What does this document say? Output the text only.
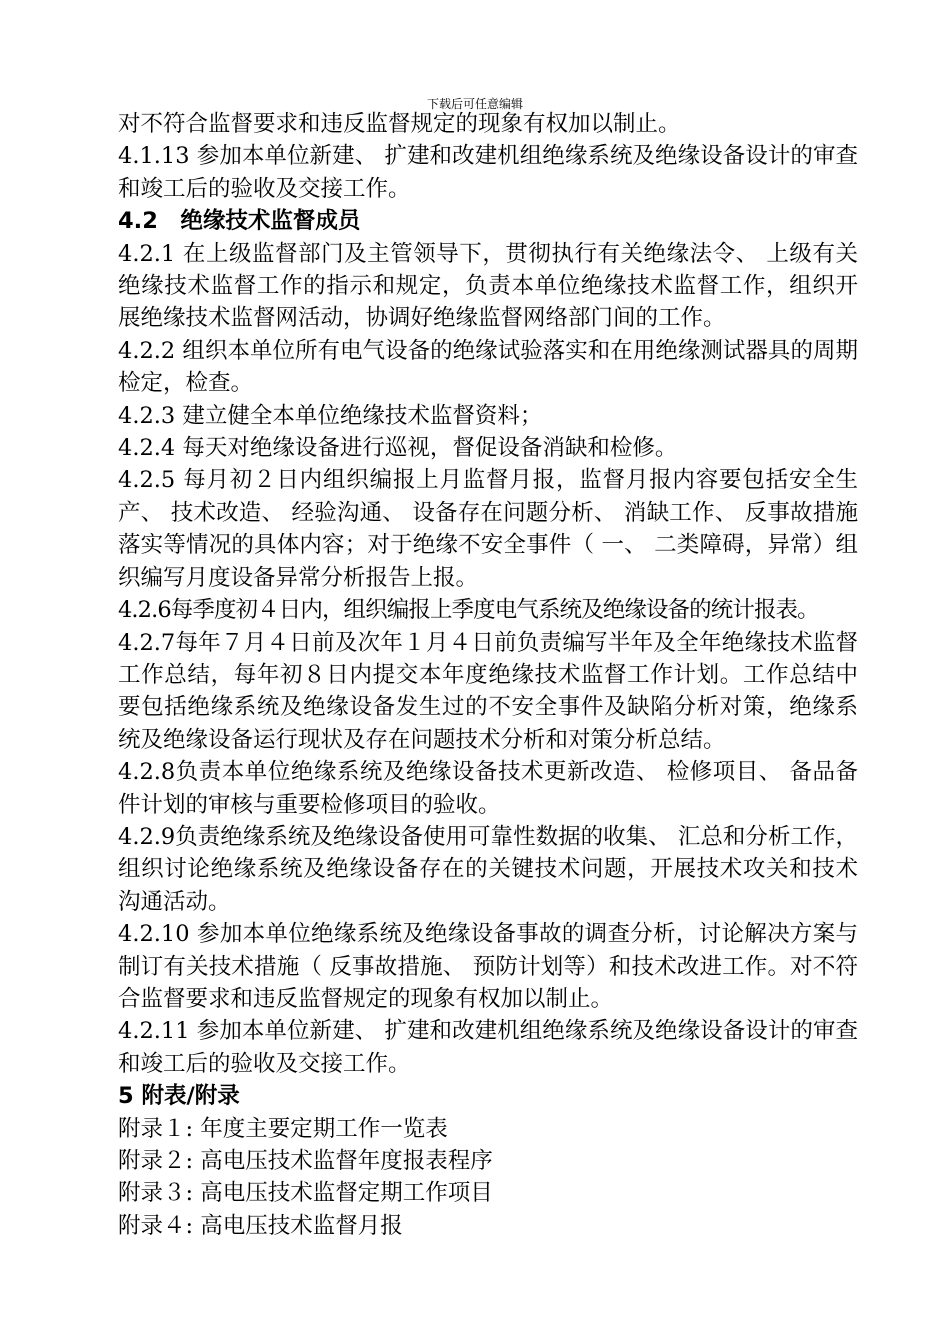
下载后可任意编辑

对不符合监督要求和违反监督规定的现象有权加以制止。

4.1.13 参加本单位新建、 扩建和改建机组绝缘系统及绝缘设备设计的审查和竣工后的验收及交接工作。

4.2　绝缘技术监督成员

4.2.1 在上级监督部门及主管领导下，贯彻执行有关绝缘法令、 上级有关绝缘技术监督工作的指示和规定，负责本单位绝缘技术监督工作，组织开展绝缘技术监督网活动，协调好绝缘监督网络部门间的工作。

4.2.2 组织本单位所有电气设备的绝缘试验落实和在用绝缘测试器具的周期检定，检查。

4.2.3 建立健全本单位绝缘技术监督资料；

4.2.4 每天对绝缘设备进行巡视，督促设备消缺和检修。

4.2.5 每月初２日内组织编报上月监督月报，监督月报内容要包括安全生产、 技术改造、 经验沟通、 设备存在问题分析、 消缺工作、 反事故措施落实等情况的具体内容；对于绝缘不安全事件（ 一、 二类障碍，异常）组织编写月度设备异常分析报告上报。

4.2.6每季度初４日内，组织编报上季度电气系统及绝缘设备的统计报表。

4.2.7每年７月４日前及次年１月４日前负责编写半年及全年绝缘技术监督工作总结，每年初８日内提交本年度绝缘技术监督工作计划。工作总结中要包括绝缘系统及绝缘设备发生过的不安全事件及缺陷分析对策，绝缘系统及绝缘设备运行现状及存在问题技术分析和对策分析总结。

4.2.8负责本单位绝缘系统及绝缘设备技术更新改造、 检修项目、 备品备件计划的审核与重要检修项目的验收。

4.2.9负责绝缘系统及绝缘设备使用可靠性数据的收集、 汇总和分析工作，组织讨论绝缘系统及绝缘设备存在的关键技术问题，开展技术攻关和技术沟通活动。

4.2.10 参加本单位绝缘系统及绝缘设备事故的调查分析，讨论解决方案与制订有关技术措施（ 反事故措施、 预防计划等）和技术改进工作。对不符合监督要求和违反监督规定的现象有权加以制止。

4.2.11 参加本单位新建、 扩建和改建机组绝缘系统及绝缘设备设计的审查和竣工后的验收及交接工作。

5 附表/附录

附录１: 年度主要定期工作一览表

附录２: 高电压技术监督年度报表程序

附录３: 高电压技术监督定期工作项目

附录４: 高电压技术监督月报
